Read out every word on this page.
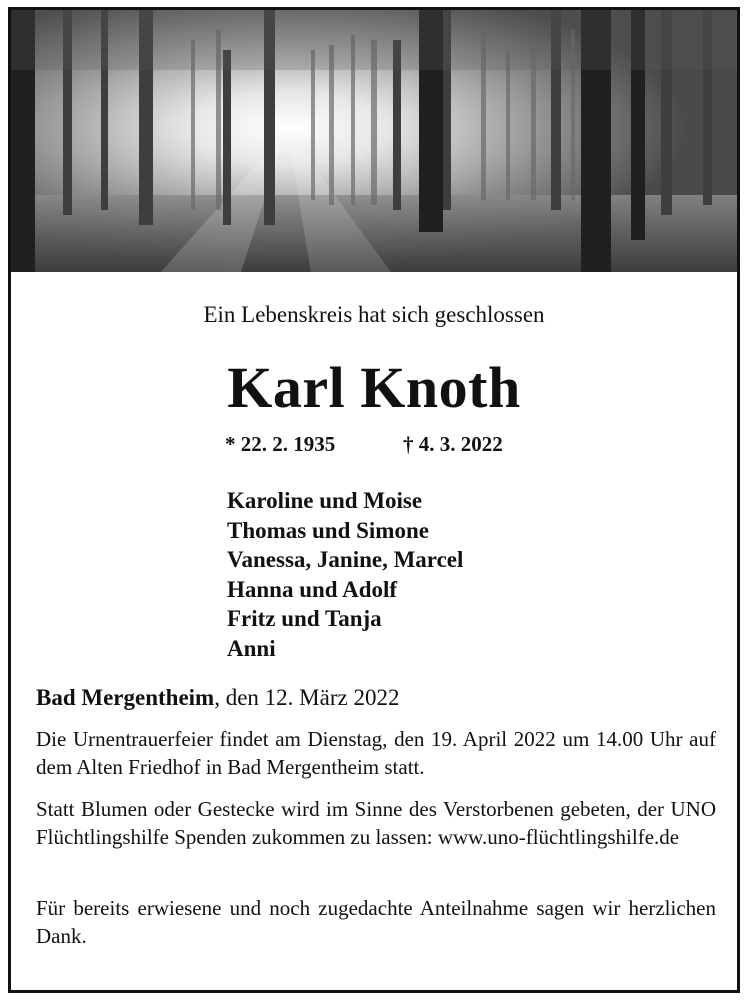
Ein Lebenskreis hat sich geschlossen
Karl Knoth
* 22. 2. 1935	† 4. 3. 2022
Karoline und Moise
Thomas und Simone
Vanessa, Janine, Marcel
Hanna und Adolf
Fritz und Tanja
Anni
Bad Mergentheim, den 12. März 2022
Die Urnentrauerfeier findet am Dienstag, den 19. April 2022 um 14.00 Uhr auf dem Alten Friedhof in Bad Mergentheim statt.
Statt Blumen oder Gestecke wird im Sinne des Verstorbenen gebeten, der UNO Flüchtlingshilfe Spenden zukommen zu lassen: www.uno-flüchtlingshilfe.de
Für bereits erwiesene und noch zugedachte Anteilnahme sagen wir herzlichen Dank.
